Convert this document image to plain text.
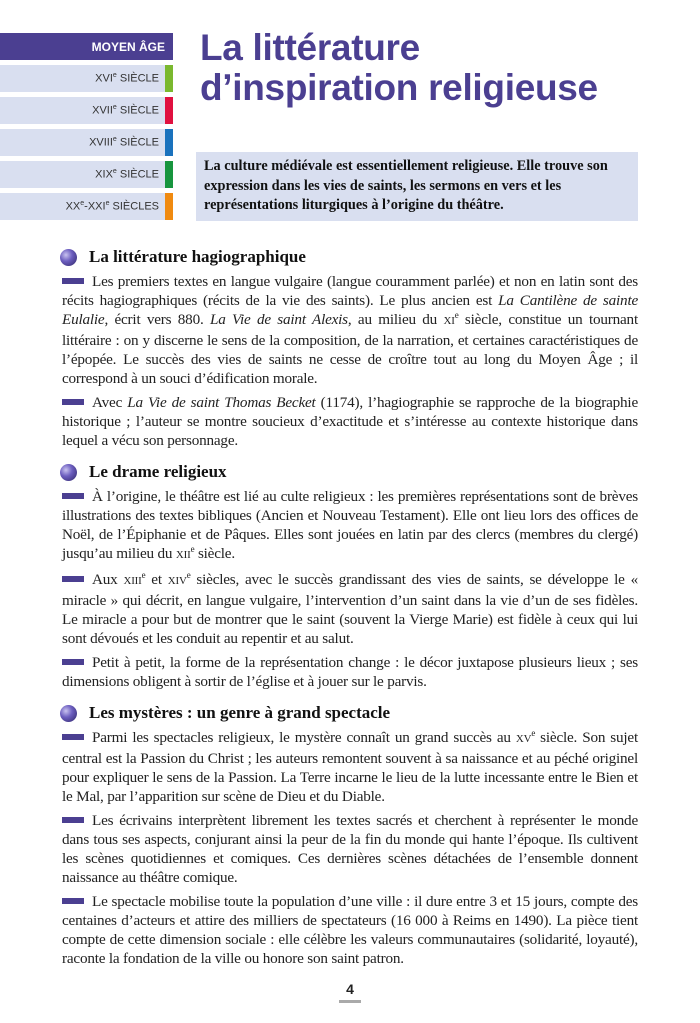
MOYEN ÂGE
XVIe SIÈCLE
XVIIe SIÈCLE
XVIIIe SIÈCLE
XIXe SIÈCLE
XXe-XXIe SIÈCLES
La littérature
d’inspiration religieuse
La culture médiévale est essentiellement religieuse. Elle trouve son expression dans les vies de saints, les sermons en vers et les représentations liturgiques à l’origine du théâtre.
La littérature hagiographique

Les premiers textes en langue vulgaire (langue couramment parlée) et non en latin sont des récits hagiographiques (récits de la vie des saints). Le plus ancien est La Cantilène de sainte Eulalie, écrit vers 880. La Vie de saint Alexis, au milieu du XIe siècle, constitue un tournant littéraire : on y discerne le sens de la composition, de la narration, et certaines caractéristiques de l’épopée. Le succès des vies de saints ne cesse de croître tout au long du Moyen Âge ; il correspond à un souci d’édification morale.

Avec La Vie de saint Thomas Becket (1174), l’hagiographie se rapproche de la biographie historique ; l’auteur se montre soucieux d’exactitude et s’intéresse au contexte historique dans lequel a vécu son personnage.

Le drame religieux

À l’origine, le théâtre est lié au culte religieux : les premières représentations sont de brèves illustrations des textes bibliques (Ancien et Nouveau Testament). Elle ont lieu lors des offices de Noël, de l’Épiphanie et de Pâques. Elles sont jouées en latin par des clercs (membres du clergé) jusqu’au milieu du XIIe siècle.

Aux XIIIe et XIVe siècles, avec le succès grandissant des vies de saints, se développe le « miracle » qui décrit, en langue vulgaire, l’intervention d’un saint dans la vie d’un de ses fidèles. Le miracle a pour but de montrer que le saint (souvent la Vierge Marie) est fidèle à ceux qui lui sont dévoués et les conduit au repentir et au salut.

Petit à petit, la forme de la représentation change : le décor juxtapose plusieurs lieux ; ses dimensions obligent à sortir de l’église et à jouer sur le parvis.

Les mystères : un genre à grand spectacle

Parmi les spectacles religieux, le mystère connaît un grand succès au XVe siècle. Son sujet central est la Passion du Christ ; les auteurs remontent souvent à sa naissance et au péché originel pour expliquer le sens de la Passion. La Terre incarne le lieu de la lutte incessante entre le Bien et le Mal, par l’apparition sur scène de Dieu et du Diable.

Les écrivains interprètent librement les textes sacrés et cherchent à représenter le monde dans tous ses aspects, conjurant ainsi la peur de la fin du monde qui hante l’époque. Ils cultivent les scènes quotidiennes et comiques. Ces dernières scènes détachées de l’ensemble donnent naissance au théâtre comique.

Le spectacle mobilise toute la population d’une ville : il dure entre 3 et 15 jours, compte des centaines d’acteurs et attire des milliers de spectateurs (16 000 à Reims en 1490). La pièce tient compte de cette dimension sociale : elle célèbre les valeurs communautaires (solidarité, loyauté), raconte la fondation de la ville ou honore son saint patron.

4
